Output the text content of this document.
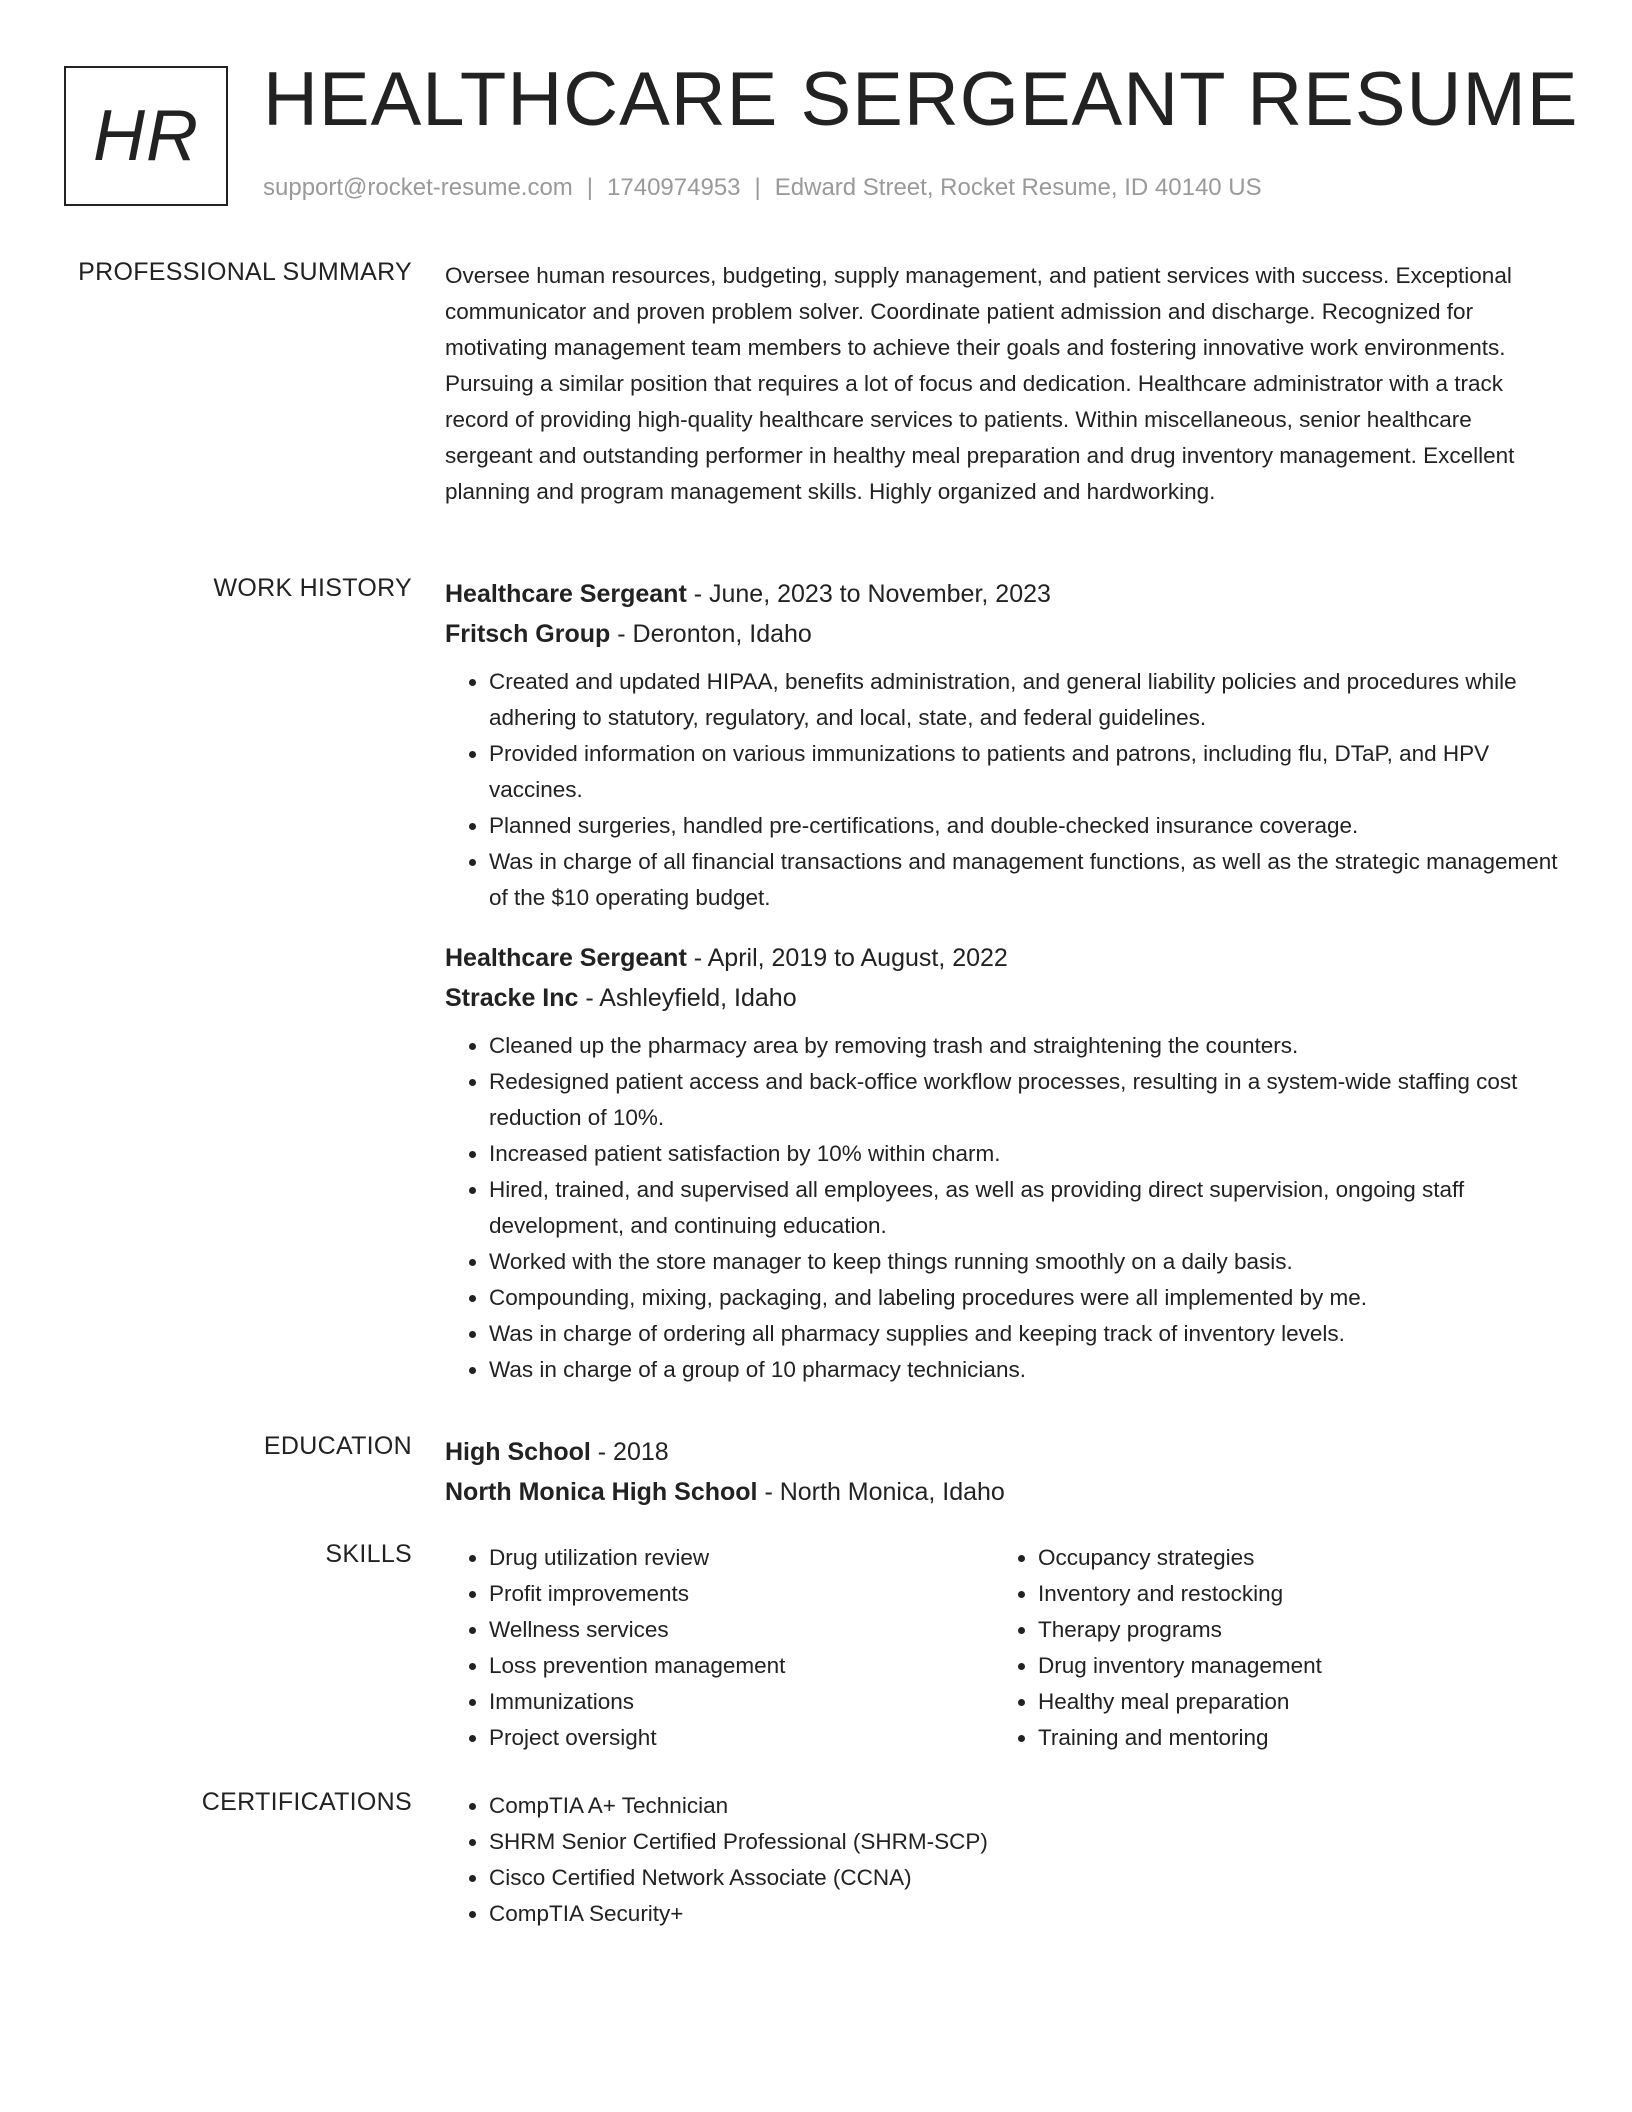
HR HEALTHCARE SERGEANT RESUME
support@rocket-resume.com | 1740974953 | Edward Street, Rocket Resume, ID 40140 US
PROFESSIONAL SUMMARY Oversee human resources, budgeting, supply management, and patient services with success. Exceptional communicator and proven problem solver. Coordinate patient admission and discharge. Recognized for motivating management team members to achieve their goals and fostering innovative work environments. Pursuing a similar position that requires a lot of focus and dedication. Healthcare administrator with a track record of providing high-quality healthcare services to patients. Within miscellaneous, senior healthcare sergeant and outstanding performer in healthy meal preparation and drug inventory management. Excellent planning and program management skills. Highly organized and hardworking.

WORK HISTORY Healthcare Sergeant - June, 2023 to November, 2023

Fritsch Group - Deronton, Idaho

• Created and updated HIPAA, benefits administration, and general liability policies and procedures while adhering to statutory, regulatory, and local, state, and federal guidelines.
• Provided information on various immunizations to patients and patrons, including flu, DTaP, and HPV vaccines.
• Planned surgeries, handled pre-certifications, and double-checked insurance coverage.
• Was in charge of all financial transactions and management functions, as well as the strategic management of the $10 operating budget.

Healthcare Sergeant - April, 2019 to August, 2022

Stracke Inc - Ashleyfield, Idaho

• Cleaned up the pharmacy area by removing trash and straightening the counters.
• Redesigned patient access and back-office workflow processes, resulting in a system-wide staffing cost reduction of 10%.
• Increased patient satisfaction by 10% within charm.
• Hired, trained, and supervised all employees, as well as providing direct supervision, ongoing staff development, and continuing education.
• Worked with the store manager to keep things running smoothly on a daily basis.
• Compounding, mixing, packaging, and labeling procedures were all implemented by me.
• Was in charge of ordering all pharmacy supplies and keeping track of inventory levels.
• Was in charge of a group of 10 pharmacy technicians.
EDUCATION High School - 2018

North Monica High School - North Monica, Idaho

SKILLS	• Drug utilization review
• Profit improvements
• Wellness services
• Loss prevention management
• Immunizations
• Project oversight
• Occupancy strategies
• Inventory and restocking
• Therapy programs
• Drug inventory management
• Healthy meal preparation
• Training and mentoring
CERTIFICATIONS	• CompTIA A+ Technician
• SHRM Senior Certified Professional (SHRM-SCP)
• Cisco Certified Network Associate (CCNA)
• CompTIA Security+
